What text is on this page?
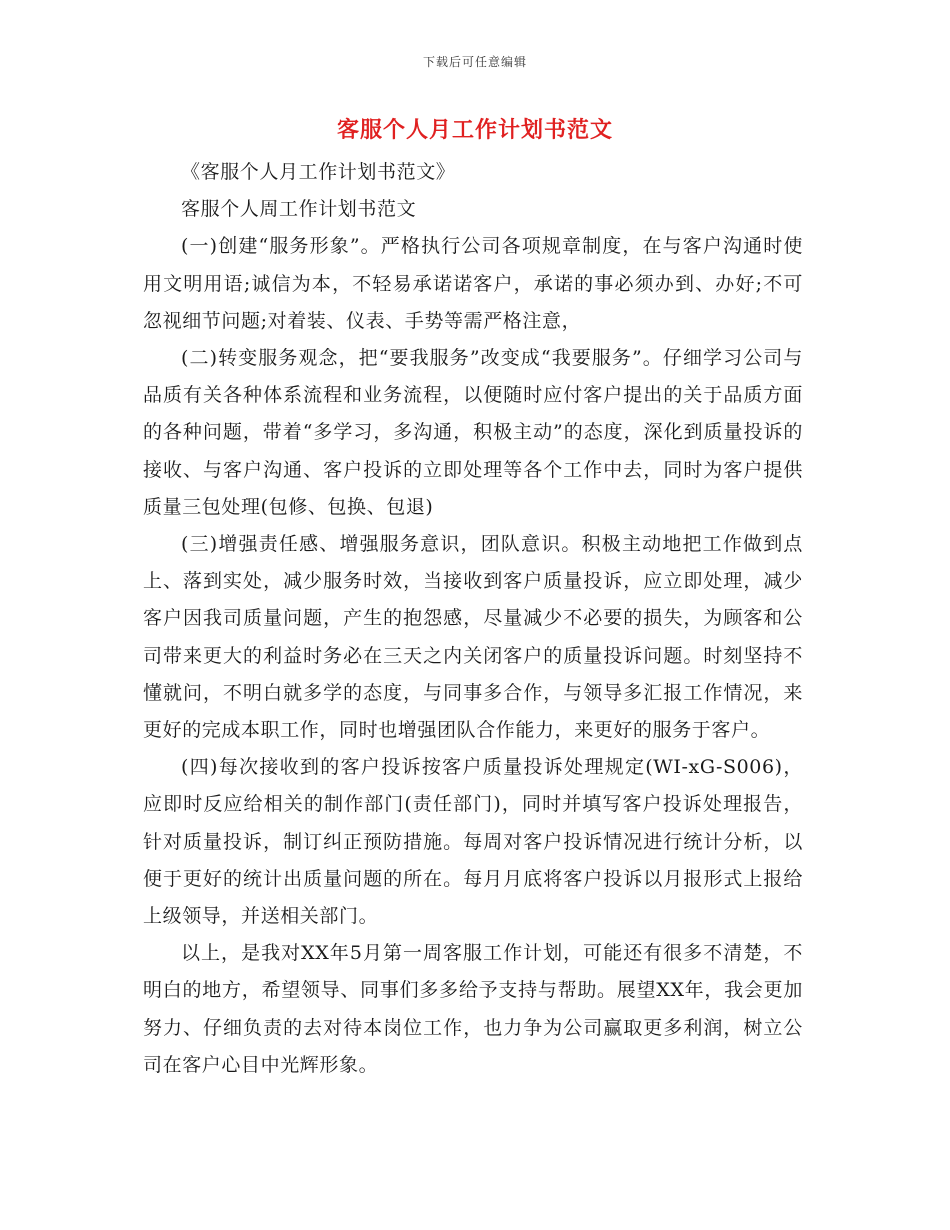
下载后可任意编辑
客服个人月工作计划书范文

《客服个人月工作计划书范文》

客服个人周工作计划书范文

(一)创建“服务形象”。严格执行公司各项规章制度，在与客户沟通时使用文明用语;诚信为本，不轻易承诺诺客户，承诺的事必须办到、办好;不可忽视细节问题;对着装、仪表、手势等需严格注意，

(二)转变服务观念，把“要我服务”改变成“我要服务”。仔细学习公司与品质有关各种体系流程和业务流程，以便随时应付客户提出的关于品质方面的各种问题，带着“多学习，多沟通，积极主动”的态度，深化到质量投诉的接收、与客户沟通、客户投诉的立即处理等各个工作中去，同时为客户提供质量三包处理(包修、包换、包退)

(三)增强责任感、增强服务意识，团队意识。积极主动地把工作做到点上、落到实处，减少服务时效，当接收到客户质量投诉，应立即处理，减少客户因我司质量问题，产生的抱怨感，尽量减少不必要的损失，为顾客和公司带来更大的利益时务必在三天之内关闭客户的质量投诉问题。时刻坚持不懂就问，不明白就多学的态度，与同事多合作，与领导多汇报工作情况，来更好的完成本职工作，同时也增强团队合作能力，来更好的服务于客户。

(四)每次接收到的客户投诉按客户质量投诉处理规定(WI-xG-S006)，应即时反应给相关的制作部门(责任部门)，同时并填写客户投诉处理报告，针对质量投诉，制订纠正预防措施。每周对客户投诉情况进行统计分析，以便于更好的统计出质量问题的所在。每月月底将客户投诉以月报形式上报给上级领导，并送相关部门。

以上，是我对XX年5月第一周客服工作计划，可能还有很多不清楚，不明白的地方，希望领导、同事们多多给予支持与帮助。展望XX年，我会更加努力、仔细负责的去对待本岗位工作，也力争为公司赢取更多利润，树立公司在客户心目中光辉形象。
